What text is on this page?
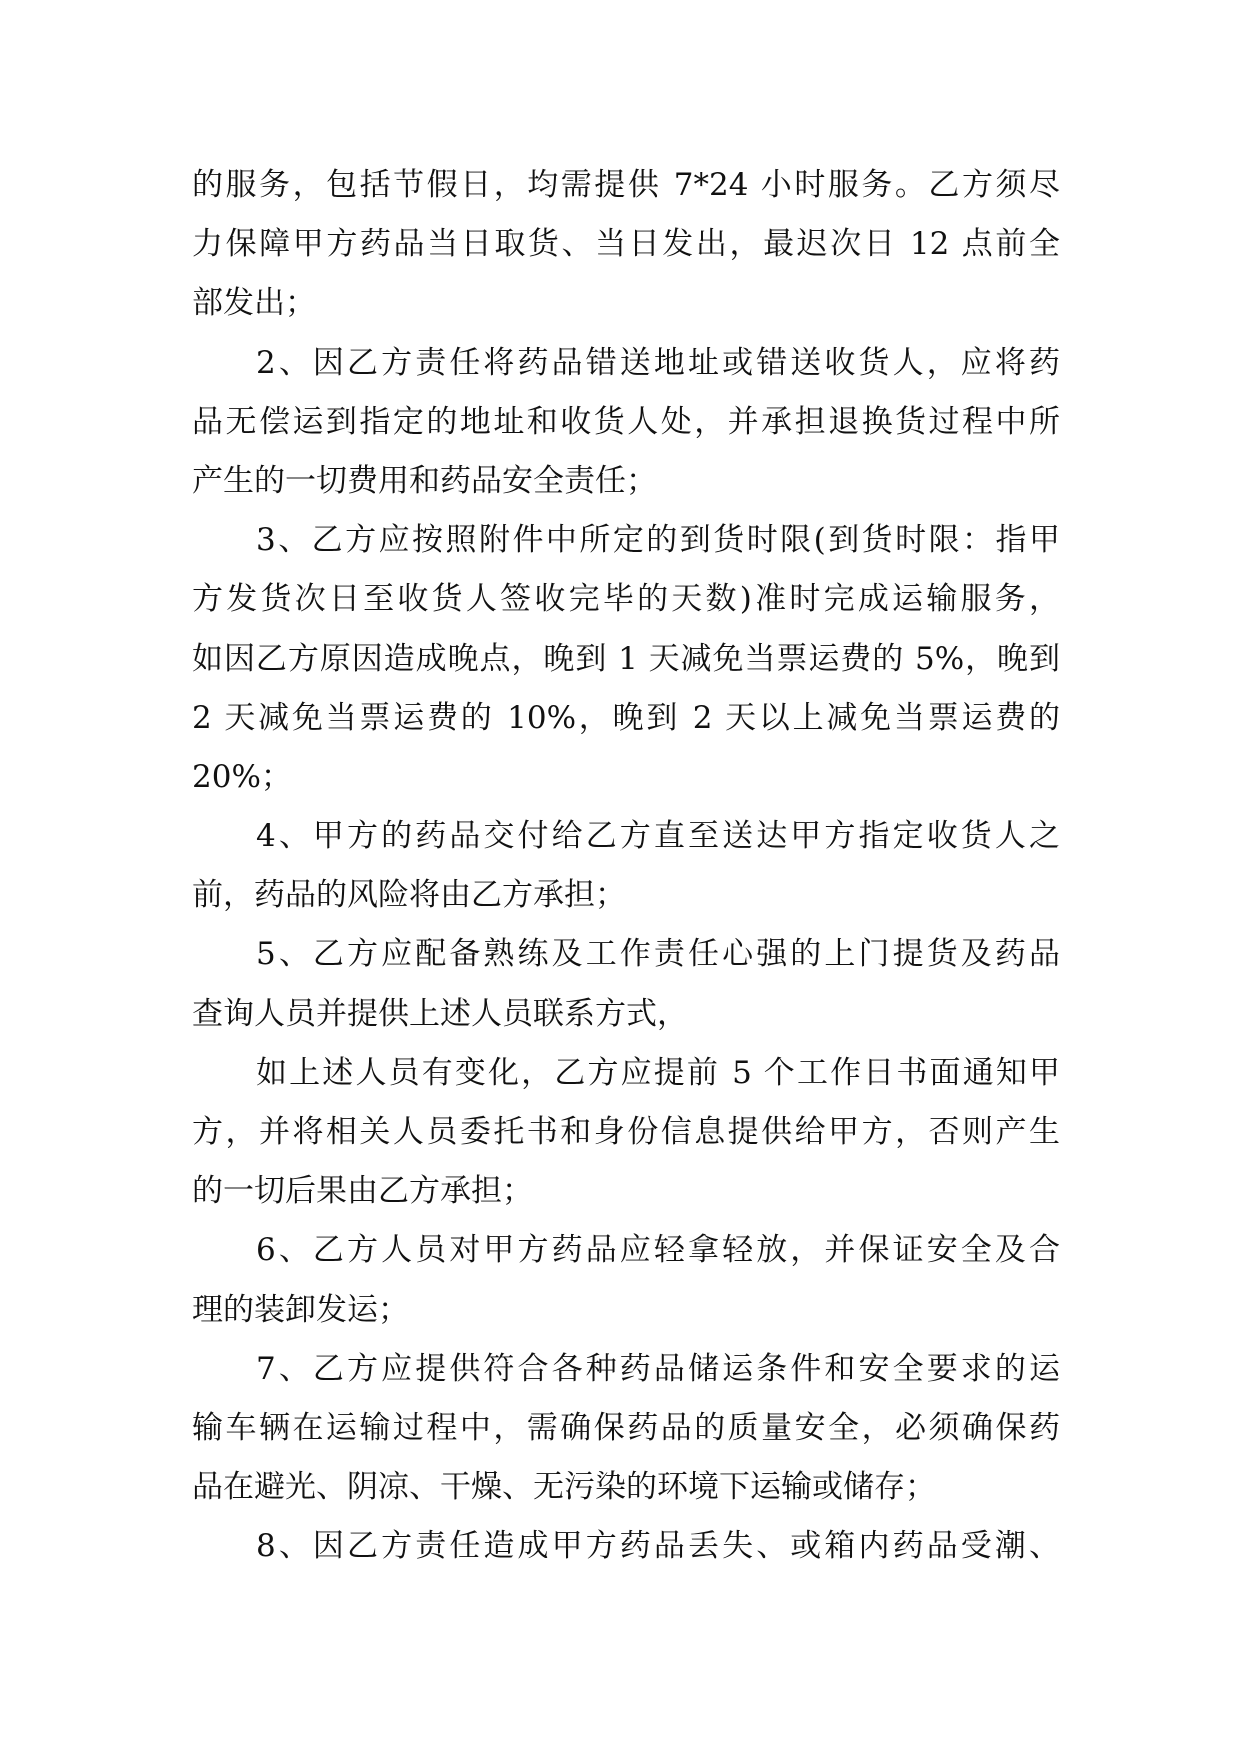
的服务，包括节假日，均需提供 7*24 小时服务。乙方须尽
力保障甲方药品当日取货、当日发出，最迟次日 12 点前全
部发出；
2、因乙方责任将药品错送地址或错送收货人，应将药
品无偿运到指定的地址和收货人处，并承担退换货过程中所
产生的一切费用和药品安全责任；
3、乙方应按照附件中所定的到货时限(到货时限：指甲
方发货次日至收货人签收完毕的天数)准时完成运输服务，
如因乙方原因造成晚点，晚到 1 天减免当票运费的 5%，晚到
2 天减免当票运费的 10%，晚到 2 天以上减免当票运费的
20%；
4、甲方的药品交付给乙方直至送达甲方指定收货人之
前，药品的风险将由乙方承担；
5、乙方应配备熟练及工作责任心强的上门提货及药品
查询人员并提供上述人员联系方式，
如上述人员有变化，乙方应提前 5 个工作日书面通知甲
方，并将相关人员委托书和身份信息提供给甲方，否则产生
的一切后果由乙方承担；
6、乙方人员对甲方药品应轻拿轻放，并保证安全及合
理的装卸发运；
7、乙方应提供符合各种药品储运条件和安全要求的运
输车辆在运输过程中，需确保药品的质量安全，必须确保药
品在避光、阴凉、干燥、无污染的环境下运输或储存；
8、因乙方责任造成甲方药品丢失、或箱内药品受潮、
